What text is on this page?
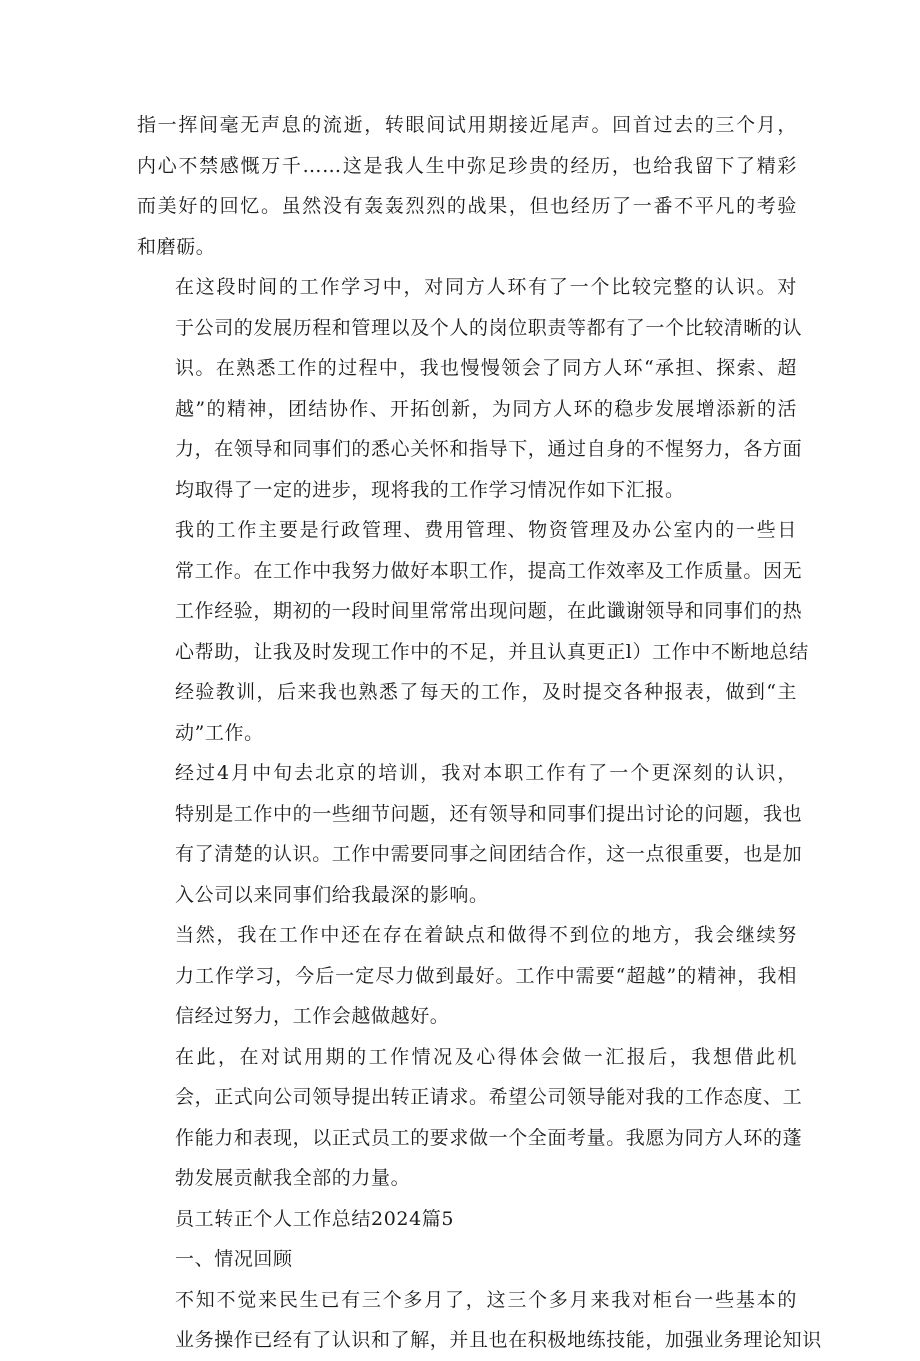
指一挥间毫无声息的流逝，转眼间试用期接近尾声。回首过去的三个月，
内心不禁感慨万千……这是我人生中弥足珍贵的经历，也给我留下了精彩
而美好的回忆。虽然没有轰轰烈烈的战果，但也经历了一番不平凡的考验
和磨砺。

在这段时间的工作学习中，对同方人环有了一个比较完整的认识。对
于公司的发展历程和管理以及个人的岗位职责等都有了一个比较清晰的认
识。在熟悉工作的过程中，我也慢慢领会了同方人环“承担、探索、超
越”的精神，团结协作、开拓创新，为同方人环的稳步发展增添新的活
力，在领导和同事们的悉心关怀和指导下，通过自身的不惺努力，各方面
均取得了一定的进步，现将我的工作学习情况作如下汇报。

我的工作主要是行政管理、费用管理、物资管理及办公室内的一些日
常工作。在工作中我努力做好本职工作，提高工作效率及工作质量。因无
工作经验，期初的一段时间里常常出现问题，在此谶谢领导和同事们的热
心帮助，让我及时发现工作中的不足，并且认真更正l）工作中不断地总结
经验教训，后来我也熟悉了每天的工作，及时提交各种报表，做到“主
动”工作。

经过4月中旬去北京的培训，我对本职工作有了一个更深刻的认识，
特别是工作中的一些细节问题，还有领导和同事们提出讨论的问题，我也
有了清楚的认识。工作中需要同事之间团结合作，这一点很重要，也是加
入公司以来同事们给我最深的影响。

当然，我在工作中还在存在着缺点和做得不到位的地方，我会继续努
力工作学习，今后一定尽力做到最好。工作中需要“超越”的精神，我相
信经过努力，工作会越做越好。

在此，在对试用期的工作情况及心得体会做一汇报后，我想借此机
会，正式向公司领导提出转正请求。希望公司领导能对我的工作态度、工
作能力和表现，以正式员工的要求做一个全面考量。我愿为同方人环的蓬
勃发展贡献我全部的力量。

员工转正个人工作总结2024篇5

一、情况回顾

不知不觉来民生已有三个多月了，这三个多月来我对柜台一些基本的
业务操作已经有了认识和了解，并且也在积极地练技能，加强业务理论知识
